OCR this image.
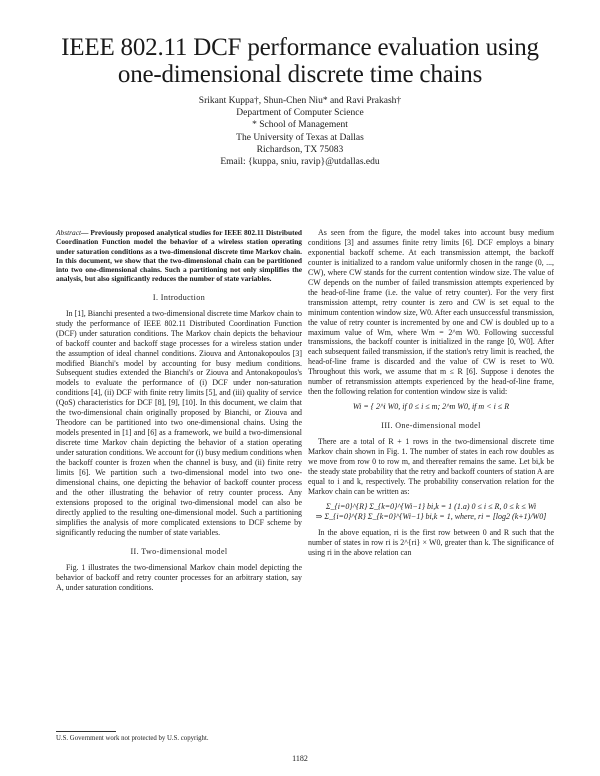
IEEE 802.11 DCF performance evaluation using
one-dimensional discrete time chains
Srikant Kuppa†, Shun-Chen Niu* and Ravi Prakash†
Department of Computer Science
* School of Management
The University of Texas at Dallas
Richardson, TX 75083
Email: {kuppa, sniu, ravip}@utdallas.edu

Abstract— Previously proposed analytical studies for IEEE 802.11 Distributed Coordination Function model the behavior of a wireless station operating under saturation conditions as a two-dimensional discrete time Markov chain. In this document, we show that the two-dimensional chain can be partitioned into two one-dimensional chains. Such a partitioning not only simplifies the analysis, but also significantly reduces the number of state variables.

I. Introduction

In [1], Bianchi presented a two-dimensional discrete time Markov chain to study the performance of IEEE 802.11 Distributed Coordination Function (DCF) under saturation conditions. The Markov chain depicts the behaviour of backoff counter and backoff stage processes for a wireless station under the assumption of ideal channel conditions. Ziouva and Antonakopoulos [3] modified Bianchi's model by accounting for busy medium conditions. Subsequent studies extended the Bianchi's or Ziouva and Antonakopoulos's models to evaluate the performance of (i) DCF under non-saturation conditions [4], (ii) DCF with finite retry limits [5], and (iii) quality of service (QoS) characteristics for DCF [8], [9], [10]. In this document, we claim that the two-dimensional chain originally proposed by Bianchi, or Ziouva and Theodore can be partitioned into two one-dimensional chains. Using the models presented in [1] and [6] as a framework, we build a two-dimensional discrete time Markov chain depicting the behavior of a station operating under saturation conditions. We account for (i) busy medium conditions when the backoff counter is frozen when the channel is busy, and (ii) finite retry limits [6]. We partition such a two-dimensional model into two one-dimensional chains, one depicting the behavior of backoff counter process and the other illustrating the behavior of retry counter process. Any extensions proposed to the original two-dimensional model can also be directly applied to the resulting one-dimensional model. Such a partitioning simplifies the analysis of more complicated extensions to DCF scheme by significantly reducing the number of state variables.

II. Two-dimensional model

Fig. 1 illustrates the two-dimensional Markov chain model depicting the behavior of backoff and retry counter processes for an arbitrary station, say A, under saturation conditions.

As seen from the figure, the model takes into account busy medium conditions [3] and assumes finite retry limits [6]. DCF employs a binary exponential backoff scheme. At each transmission attempt, the backoff counter is initialized to a random value uniformly chosen in the range (0, ..., CW), where CW stands for the current contention window size. The value of CW depends on the number of failed transmission attempts experienced by the head-of-line frame (i.e. the value of retry counter). For the very first transmission attempt, retry counter is zero and CW is set equal to the minimum contention window size, W0. After each unsuccessful transmission, the value of retry counter is incremented by one and CW is doubled up to a maximum value of Wm, where Wm = 2^m W0. Following successful transmissions, the backoff counter is initialized in the range [0, W0]. After each subsequent failed transmission, if the station's retry limit is reached, the head-of-line frame is discarded and the value of CW is reset to W0. Throughout this work, we assume that m ≤ R [6]. Suppose i denotes the number of retransmission attempts experienced by the head-of-line frame, then the following relation for contention window size is valid:

Wi = { 2^i W0, if 0 ≤ i ≤ m; 2^m W0, if m < i ≤ R

III. One-dimensional model

There are a total of R + 1 rows in the two-dimensional discrete time Markov chain shown in Fig. 1. The number of states in each row doubles as we move from row 0 to row m, and thereafter remains the same. Let bi,k be the steady state probability that the retry and backoff counters of station A are equal to i and k, respectively. The probability conservation relation for the Markov chain can be written as:

Σ_{i=0}^{R} Σ_{k=0}^{Wi−1} bi,k = 1 (1.a) 0 ≤ i ≤ R, 0 ≤ k ≤ Wi
⇒ Σ_{i=0}^{R} Σ_{k=0}^{Wi−1} bi,k = 1, where, ri = [log2 (k+1)/W0]

In the above equation, ri is the first row between 0 and R such that the number of states in row ri is 2^{ri} × W0, greater than k. The significance of using ri in the above relation can

U.S. Government work not protected by U.S. copyright.
1182
